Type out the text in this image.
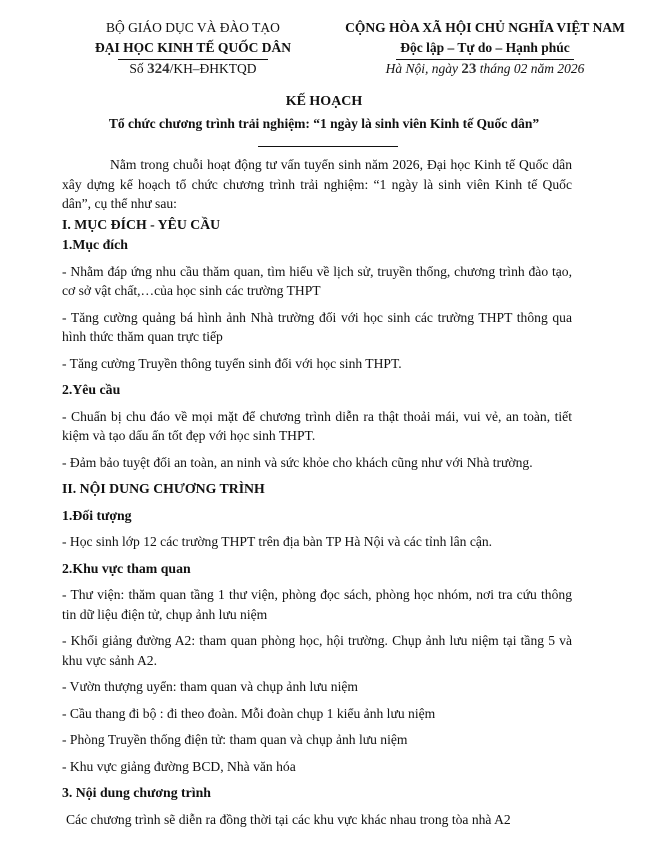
BỘ GIÁO DỤC VÀ ĐÀO TẠO
ĐẠI HỌC KINH TẾ QUỐC DÂN
Số 324/KH–ĐHKTQD
CỘNG HÒA XÃ HỘI CHỦ NGHĨA VIỆT NAM
Độc lập – Tự do – Hạnh phúc
Hà Nội, ngày 23 tháng 02 năm 2026
KẾ HOẠCH
Tổ chức chương trình trải nghiệm: “1 ngày là sinh viên Kinh tế Quốc dân”

Nằm trong chuỗi hoạt động tư vấn tuyển sinh năm 2026, Đại học Kinh tế Quốc dân xây dựng kế hoạch tổ chức chương trình trải nghiệm: “1 ngày là sinh viên Kinh tế Quốc dân”, cụ thể như sau:

I. MỤC ĐÍCH - YÊU CẦU

1.Mục đích

- Nhằm đáp ứng nhu cầu thăm quan, tìm hiểu về lịch sử, truyền thống, chương trình đào tạo, cơ sở vật chất,…của học sinh các trường THPT

- Tăng cường quảng bá hình ảnh Nhà trường đối với học sinh các trường THPT thông qua hình thức thăm quan trực tiếp

- Tăng cường Truyền thông tuyển sinh đối với học sinh THPT.

2.Yêu cầu

- Chuẩn bị chu đáo về mọi mặt để chương trình diễn ra thật thoải mái, vui vẻ, an toàn, tiết kiệm và tạo dấu ấn tốt đẹp với học sinh THPT.

- Đảm bảo tuyệt đối an toàn, an ninh và sức khỏe cho khách cũng như với Nhà trường.

II. NỘI DUNG CHƯƠNG TRÌNH

1.Đối tượng

- Học sinh lớp 12 các trường THPT trên địa bàn TP Hà Nội và các tỉnh lân cận.

2.Khu vực tham quan

- Thư viện: thăm quan tầng 1 thư viện, phòng đọc sách, phòng học nhóm, nơi tra cứu thông tin dữ liệu điện tử, chụp ảnh lưu niệm

- Khối giảng đường A2: tham quan phòng học, hội trường. Chụp ảnh lưu niệm tại tầng 5 và khu vực sảnh A2.

- Vườn thượng uyển: tham quan và chụp ảnh lưu niệm

- Cầu thang đi bộ : đi theo đoàn. Mỗi đoàn chụp 1 kiểu ảnh lưu niệm

- Phòng Truyền thống điện tử: tham quan và chụp ảnh lưu niệm

- Khu vực giảng đường BCD, Nhà văn hóa

3. Nội dung chương trình

Các chương trình sẽ diễn ra đồng thời tại các khu vực khác nhau trong tòa nhà A2
